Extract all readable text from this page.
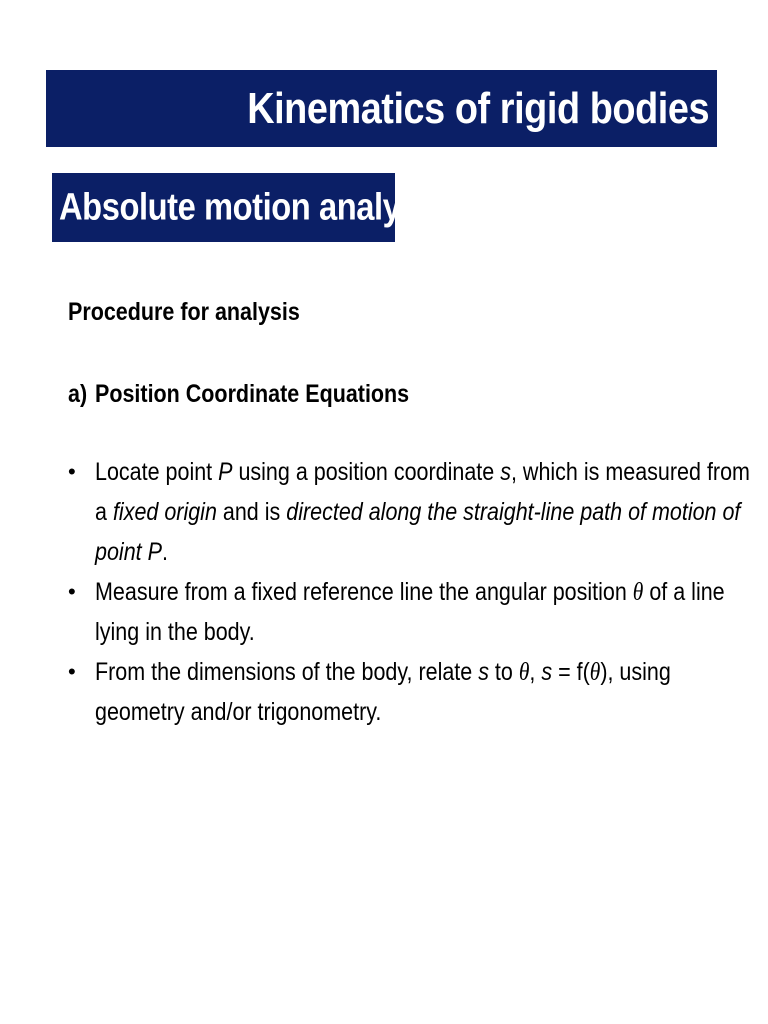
Kinematics of rigid bodies
Absolute motion analysis
Procedure for analysis
a) Position Coordinate Equations
• Locate point P using a position coordinate s, which is measured from
a fixed origin and is directed along the straight-line path of motion of
point P.
• Measure from a fixed reference line the angular position θ of a line
lying in the body.
• From the dimensions of the body, relate s to θ, s = f(θ), using
geometry and/or trigonometry.
